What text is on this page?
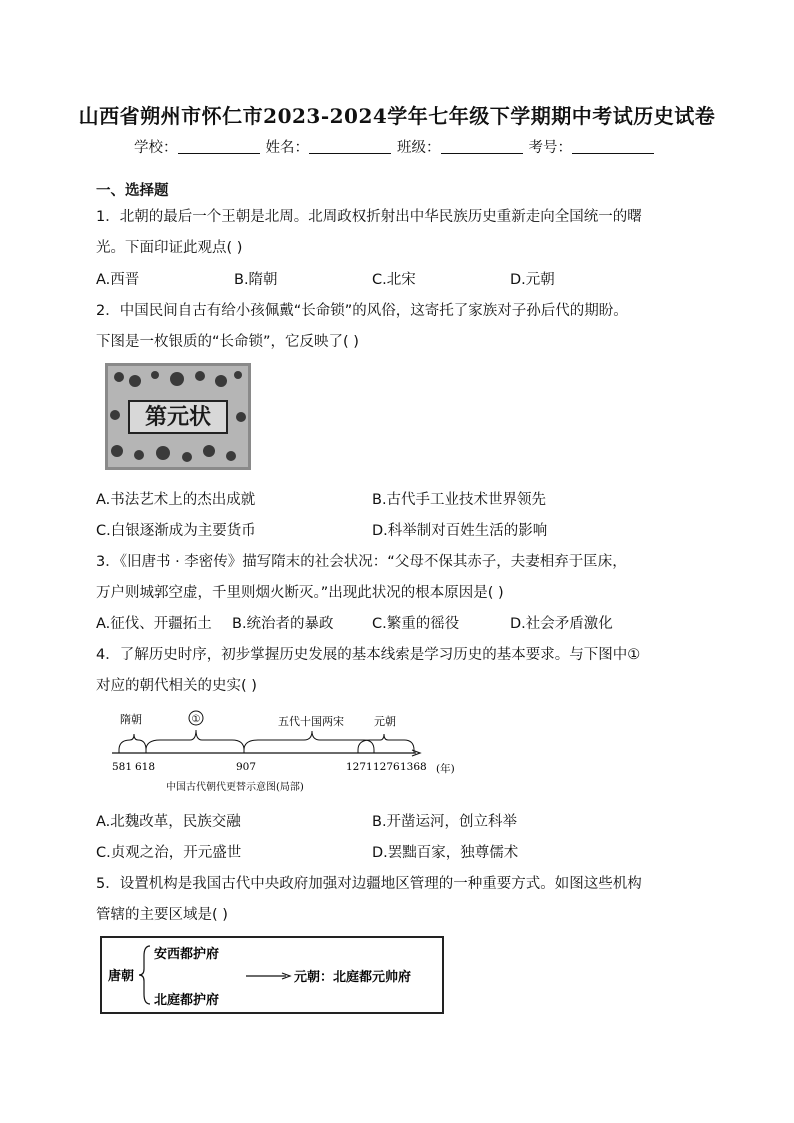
山西省朔州市怀仁市2023-2024学年七年级下学期期中考试历史试卷
学校：	姓名：	班级：	考号：
一、选择题
1．北朝的最后一个王朝是北周。北周政权折射出中华民族历史重新走向全国统一的曙
光。下面印证此观点( )
A.西晋	B.隋朝	C.北宋	D.元朝
2．中国民间自古有给小孩佩戴“长命锁”的风俗，这寄托了家族对子孙后代的期盼。
下图是一枚银质的“长命锁”，它反映了( )
第元状
A.书法艺术上的杰出成就	B.古代手工业技术世界领先
C.白银逐渐成为主要货币	D.科举制对百姓生活的影响
3．《旧唐书 · 李密传》描写隋末的社会状况：“父母不保其赤子，夫妻相弃于匡床，
万户则城郭空虚，千里则烟火断灭。”出现此状况的根本原因是( )
A.征伐、开疆拓土 B.统治者的暴政	C.繁重的徭役	D.社会矛盾激化
4．了解历史时序，初步掌握历史发展的基本线索是学习历史的基本要求。与下图中①
对应的朝代相关的史实( )
隋朝	①	五代十国两宋	元朝
581 618	907	1271 1276 1368 (年)
中国古代朝代更替示意图(局部)
A.北魏改革，民族交融	B.开凿运河，创立科举
C.贞观之治，开元盛世	D.罢黜百家，独尊儒术
5．设置机构是我国古代中央政府加强对边疆地区管理的一种重要方式。如图这些机构
管辖的主要区域是( )
唐朝
安西都护府
北庭都护府
元朝：北庭都元帅府
